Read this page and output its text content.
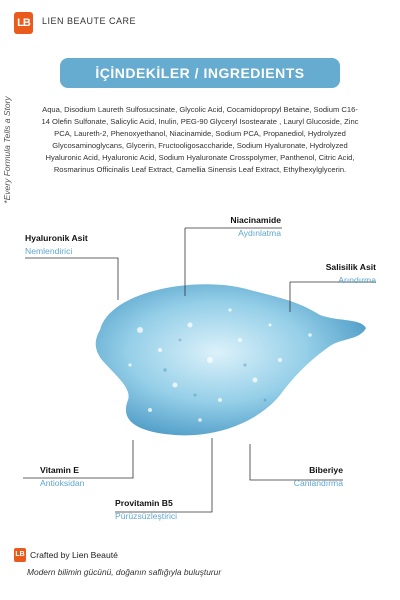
LB	LIEN BEAUTE CARE
*Every Formula Tells a Story
İÇİNDEKİLER / INGREDIENTS
Aqua, Disodium Laureth Sulfosucsinate, Glycolic Acid, Cocamidopropyl Betaine, Sodium C16-14 Olefin Sulfonate, Salicylic Acid, Inulin, PEG-90 Glyceryl Isostearate , Lauryl Glucoside, Zinc PCA, Laureth-2, Phenoxyethanol, Niacinamide, Sodium PCA, Propanediol, Hydrolyzed Glycosaminoglycans, Glycerin, Fructooligosaccharide, Sodium Hyaluronate, Hydrolyzed Hyaluronic Acid, Hyaluronic Acid, Sodium Hyaluronate Crosspolymer, Panthenol, Citric Acid, Rosmarinus Officinalis Leaf Extract, Camellia Sinensis Leaf Extract, Ethylhexylglycerin.
Hyaluronik Asit
Nemlendirici
Niacinamide
Aydınlatma
Salisilik Asit
Arındırma
Vitamin E
Antioksidan
Provitamin B5
Pürüzsüzleştirici
Biberiye
Canlandırma
LB Crafted by Lien Beauté
Modern bilimin gücünü, doğanın saflığıyla buluşturur
